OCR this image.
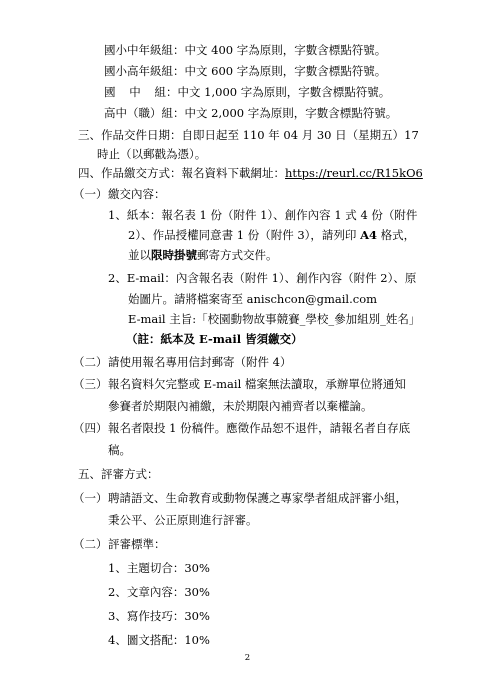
國小中年級組：中文 400 字為原則，字數含標點符號。
國小高年級組：中文 600 字為原則，字數含標點符號。
國 中 組 ：中文 1,000 字為原則，字數含標點符號。
高中（職）組：中文 2,000 字為原則，字數含標點符號。
三、作品交件日期：自即日起至 110 年 04 月 30 日（星期五）17
時止（以郵戳為憑）。
四、作品繳交方式：報名資料下載網址：https://reurl.cc/R15kO6
（一） 繳交內容：
1、紙本：報名表 1 份（附件 1）、創作內容 1 式 4 份（附件
2）、作品授權同意書 1 份（附件 3），請列印 A4 格式，
並以限時掛號郵寄方式交件。
2、E-mail：內含報名表（附件 1）、創作內容（附件 2）、原
始圖片。請將檔案寄至 anischcon@gmail.com
E-mail 主旨:「校園動物故事競賽_學校_參加組別_姓名」
（註：紙本及 E-mail 皆須繳交）
（二） 請使用報名專用信封郵寄（附件 4）
（三） 報名資料欠完整或 E-mail 檔案無法讀取，承辦單位將通知
參賽者於期限內補繳，未於期限內補齊者以棄權論。
（四） 報名者限投 1 份稿件。應徵作品恕不退件，請報名者自存底
稿。
五、評審方式：
（一） 聘請語文、生命教育或動物保護之專家學者組成評審小組，
秉公平、公正原則進行評審。
（二） 評審標準：
1、主題切合：30%
2、文章內容：30%
3、寫作技巧：30%
4、圖文搭配：10%
2
